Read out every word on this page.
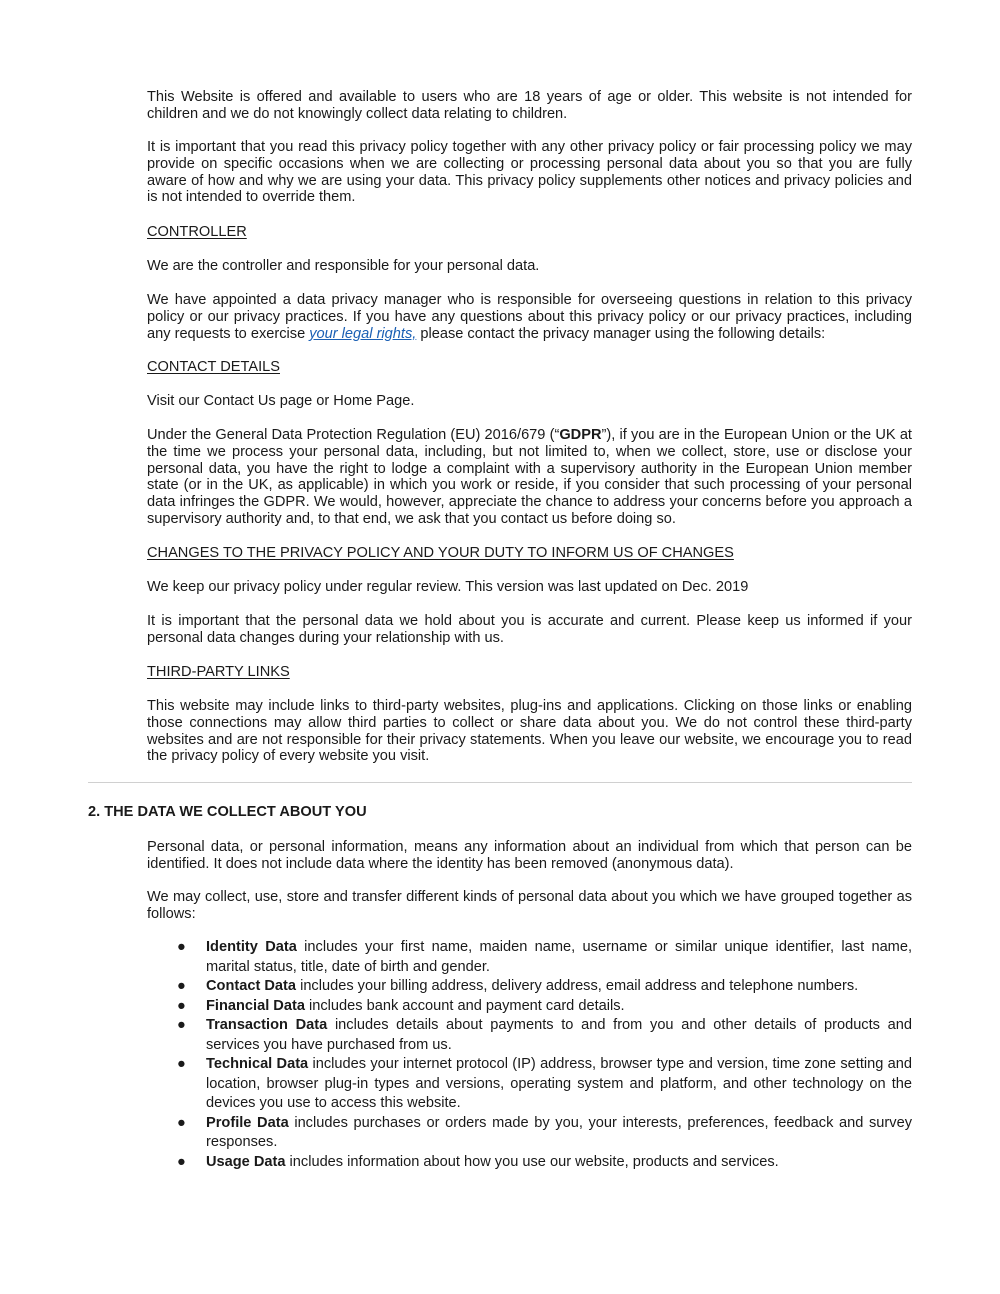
This Website is offered and available to users who are 18 years of age or older. This website is not intended for children and we do not knowingly collect data relating to children.

It is important that you read this privacy policy together with any other privacy policy or fair processing policy we may provide on specific occasions when we are collecting or processing personal data about you so that you are fully aware of how and why we are using your data. This privacy policy supplements other notices and privacy policies and is not intended to override them.

CONTROLLER

We are the controller and responsible for your personal data.

We have appointed a data privacy manager who is responsible for overseeing questions in relation to this privacy policy or our privacy practices. If you have any questions about this privacy policy or our privacy practices, including any requests to exercise your legal rights, please contact the privacy manager using the following details:

CONTACT DETAILS

Visit our Contact Us page or Home Page.

Under the General Data Protection Regulation (EU) 2016/679 (“GDPR”), if you are in the European Union or the UK at the time we process your personal data, including, but not limited to, when we collect, store, use or disclose your personal data, you have the right to lodge a complaint with a supervisory authority in the European Union member state (or in the UK, as applicable) in which you work or reside, if you consider that such processing of your personal data infringes the GDPR. We would, however, appreciate the chance to address your concerns before you approach a supervisory authority and, to that end, we ask that you contact us before doing so.

CHANGES TO THE PRIVACY POLICY AND YOUR DUTY TO INFORM US OF CHANGES

We keep our privacy policy under regular review. This version was last updated on Dec. 2019

It is important that the personal data we hold about you is accurate and current. Please keep us informed if your personal data changes during your relationship with us.

THIRD-PARTY LINKS

This website may include links to third-party websites, plug-ins and applications. Clicking on those links or enabling those connections may allow third parties to collect or share data about you. We do not control these third-party websites and are not responsible for their privacy statements. When you leave our website, we encourage you to read the privacy policy of every website you visit.

2. THE DATA WE COLLECT ABOUT YOU

Personal data, or personal information, means any information about an individual from which that person can be identified. It does not include data where the identity has been removed (anonymous data).

We may collect, use, store and transfer different kinds of personal data about you which we have grouped together as follows:

● Identity Data includes your first name, maiden name, username or similar unique identifier, last name, marital status, title, date of birth and gender.
● Contact Data includes your billing address, delivery address, email address and telephone numbers.
● Financial Data includes bank account and payment card details.
● Transaction Data includes details about payments to and from you and other details of products and services you have purchased from us.
● Technical Data includes your internet protocol (IP) address, browser type and version, time zone setting and location, browser plug-in types and versions, operating system and platform, and other technology on the devices you use to access this website.
● Profile Data includes purchases or orders made by you, your interests, preferences, feedback and survey responses.
● Usage Data includes information about how you use our website, products and services.
